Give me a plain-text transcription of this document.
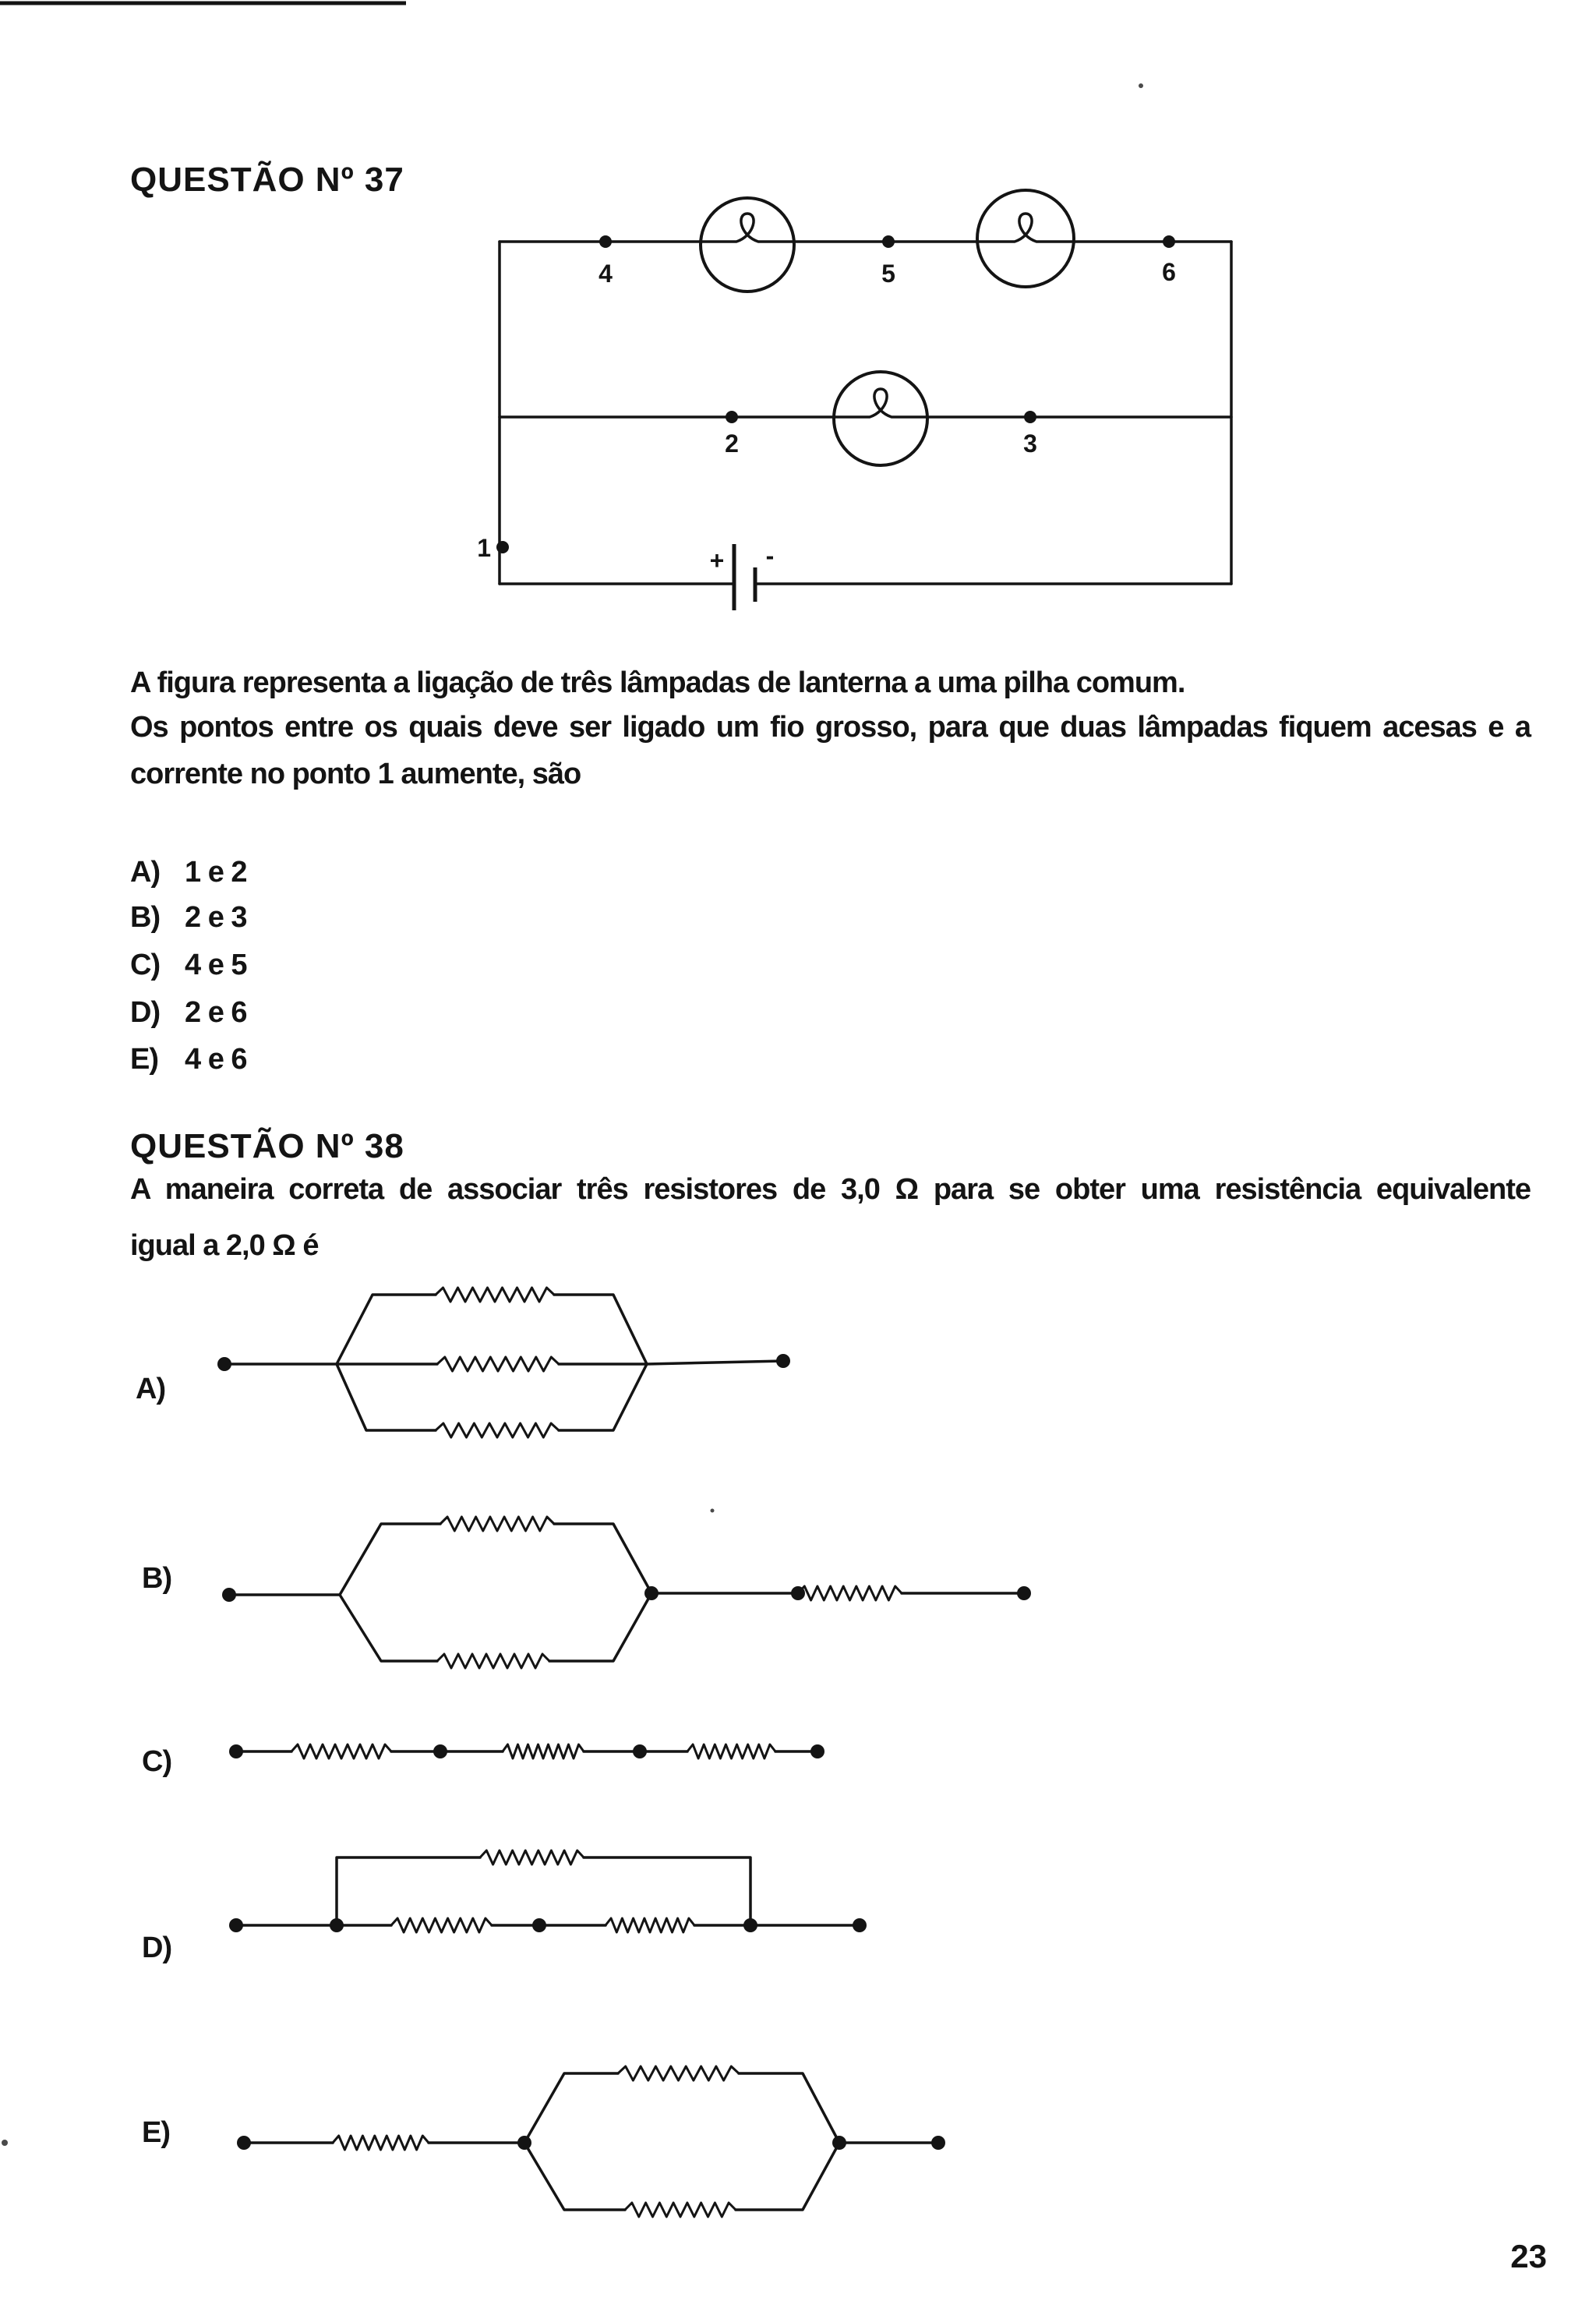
1
2	3
4	5	6
+ -
QUESTÃO Nº 37
A figura representa a ligação de três lâmpadas de lanterna a uma pilha comum.
Os pontos entre os quais deve ser ligado um fio grosso, para que duas lâmpadas fiquem acesas e a
corrente no ponto 1 aumente, são
A) 1 e 2
B) 2 e 3
C) 4 e 5
D) 2 e 6
E) 4 e 6
QUESTÃO Nº 38
A maneira correta de associar três resistores de 3,0 Ω para se obter uma resistência equivalente
igual a 2,0 Ω é
A)
B)
C)
D)
E)
23
